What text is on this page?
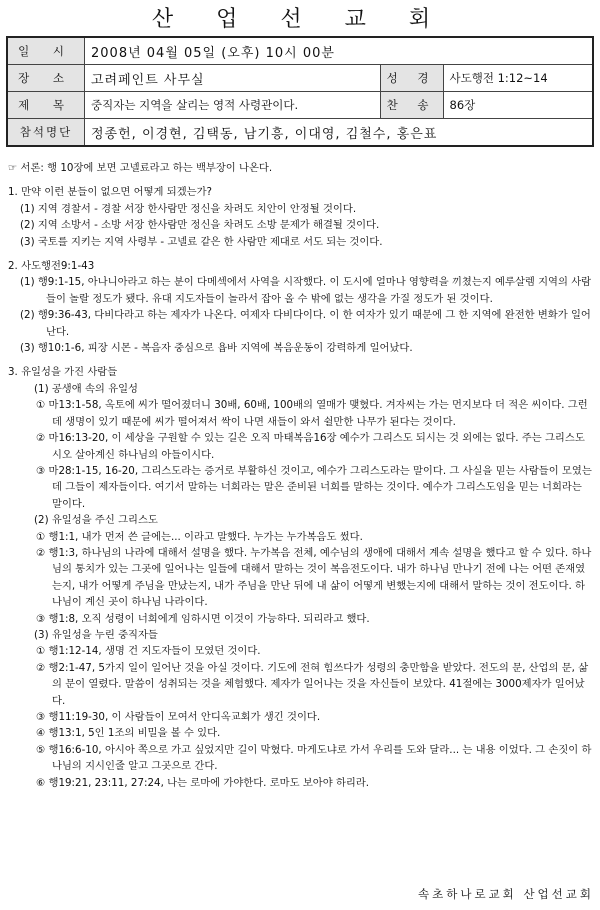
산 업 선 교 회
일 시	2008년 04월 05일 (오후) 10시 00분		
장 소	고려페인트 사무실	성 경	사도행전 1:12~14
제 목	중직자는 지역을 살리는 영적 사령관이다.	찬 송	86장
참석명단	정종헌, 이경현, 김택동, 남기흥, 이대영, 김철수, 홍은표		

☞ 서론: 행 10장에 보면 고넬료라고 하는 백부장이 나온다.

1. 만약 이런 분들이 없으면 어떻게 되겠는가?

(1) 지역 경찰서 - 경찰 서장 한사람만 정신을 차려도 치안이 안정될 것이다.

(2) 지역 소방서 - 소방 서장 한사람만 정신을 차려도 소방 문제가 해결될 것이다.

(3) 국토를 지키는 지역 사령부 - 고넬료 같은 한 사람만 제대로 서도 되는 것이다.

2. 사도행전9:1-43

(1) 행9:1-15, 아나니아라고 하는 분이 다메섹에서 사역을 시작했다. 이 도시에 얼마나 영향력을 끼쳤는지 예루살렘 지역의 사람들이 놀랄 정도가 됐다. 유대 지도자들이 놀라서 잡아 올 수 밖에 없는 생각을 가질 정도가 된 것이다.

(2) 행9:36-43, 다비다라고 하는 제자가 나온다. 여제자 다비다이다. 이 한 여자가 있기 때문에 그 한 지역에 완전한 변화가 일어난다.

(3) 행10:1-6, 피장 시몬 - 복음자 중심으로 욥바 지역에 복음운동이 강력하게 일어났다.

3. 유일성을 가진 사람들

(1) 공생애 속의 유일성

① 마13:1-58, 옥토에 씨가 떨어졌더니 30배, 60배, 100배의 열매가 맺혔다. 겨자씨는 가는 먼지보다 더 적은 씨이다. 그런데 생명이 있기 때문에 씨가 떨어져서 싹이 나면 새들이 와서 쉴만한 나무가 된다는 것이다.

② 마16:13-20, 이 세상을 구원할 수 있는 길은 오직 마태복음16장 예수가 그리스도 되시는 것 외에는 없다. 주는 그리스도시오 살아계신 하나님의 아들이시다.

③ 마28:1-15, 16-20, 그리스도라는 증거로 부활하신 것이고, 예수가 그리스도라는 말이다. 그 사실을 믿는 사람들이 모였는데 그들이 제자들이다. 여기서 말하는 너희라는 말은 준비된 너희를 말하는 것이다. 예수가 그리스도임을 믿는 너희라는 말이다.

(2) 유일성을 주신 그리스도

① 행1:1, 내가 먼저 쓴 글에는... 이라고 말했다. 누가는 누가복음도 썼다.

② 행1:3, 하나님의 나라에 대해서 설명을 했다. 누가복음 전체, 예수님의 생애에 대해서 계속 설명을 했다고 할 수 있다. 하나님의 통치가 있는 그곳에 일어나는 일들에 대해서 말하는 것이 복음전도이다. 내가 하나님 만나기 전에 나는 어떤 존재였는지, 내가 어떻게 주님을 만났는지, 내가 주님을 만난 뒤에 내 삶이 어떻게 변했는지에 대해서 말하는 것이 전도이다. 하나님이 계신 곳이 하나님 나라이다.

③ 행1:8, 오직 성령이 너희에게 임하시면 이것이 가능하다. 되리라고 했다.

(3) 유일성을 누린 중직자들

① 행1:12-14, 생명 건 지도자들이 모였던 것이다.

② 행2:1-47, 5가지 일이 일어난 것을 아실 것이다. 기도에 전혀 힘쓰다가 성령의 충만함을 받았다. 전도의 문, 산업의 문, 삶의 문이 열렸다. 말씀이 성취되는 것을 체험했다. 제자가 일어나는 것을 자신들이 보았다. 41절에는 3000제자가 일어났다.

③ 행11:19-30, 이 사람들이 모여서 안디옥교회가 생긴 것이다.

④ 행13:1, 5인 1조의 비밀을 볼 수 있다.

⑤ 행16:6-10, 아시아 쪽으로 가고 싶었지만 길이 막혔다. 마게도냐로 가서 우리를 도와 달라... 는 내용 이었다. 그 손짓이 하나님의 지시인줄 알고 그곳으로 간다.

⑥ 행19:21, 23:11, 27:24, 나는 로마에 가야한다. 로마도 보아야 하리라.

속초하나로교회 산업선교회
